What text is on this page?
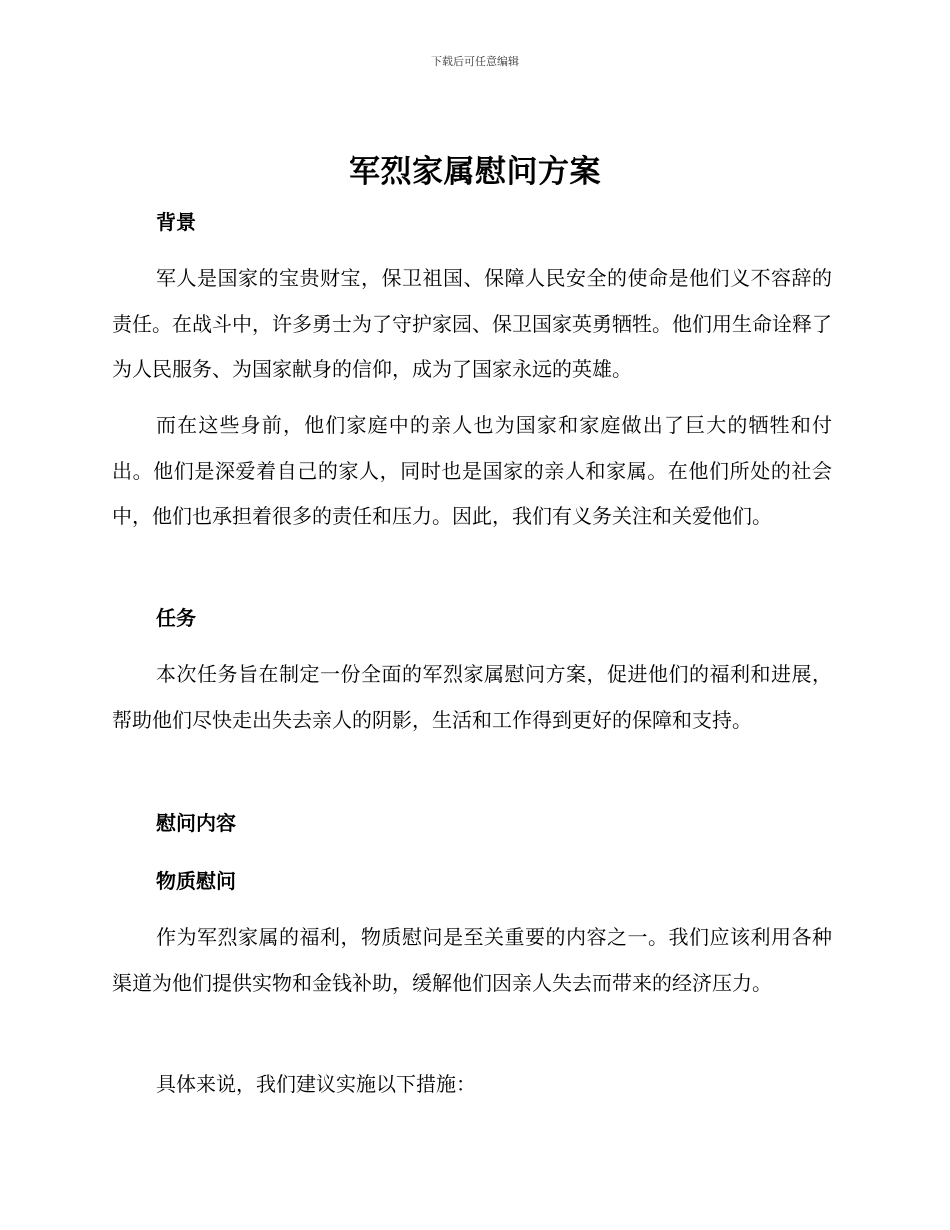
下载后可任意编辑
军烈家属慰问方案
背景
军人是国家的宝贵财宝，保卫祖国、保障人民安全的使命是他们义不容辞的责任。在战斗中，许多勇士为了守护家园、保卫国家英勇牺牲。他们用生命诠释了为人民服务、为国家献身的信仰，成为了国家永远的英雄。
而在这些身前，他们家庭中的亲人也为国家和家庭做出了巨大的牺牲和付出。他们是深爱着自己的家人，同时也是国家的亲人和家属。在他们所处的社会中，他们也承担着很多的责任和压力。因此，我们有义务关注和关爱他们。
任务
本次任务旨在制定一份全面的军烈家属慰问方案，促进他们的福利和进展，帮助他们尽快走出失去亲人的阴影，生活和工作得到更好的保障和支持。
慰问内容
物质慰问
作为军烈家属的福利，物质慰问是至关重要的内容之一。我们应该利用各种渠道为他们提供实物和金钱补助，缓解他们因亲人失去而带来的经济压力。
具体来说，我们建议实施以下措施：
